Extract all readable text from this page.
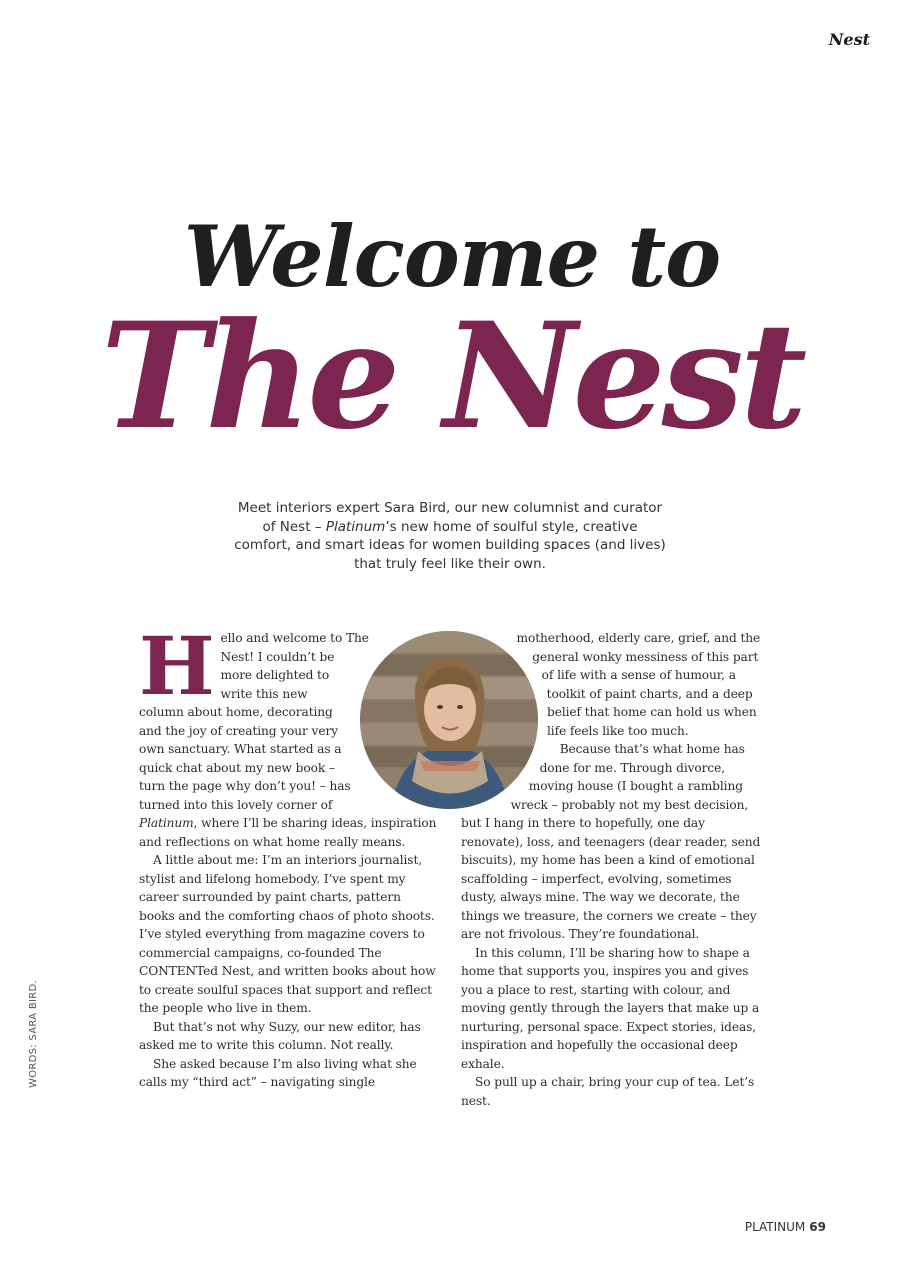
Nest
Welcome to
The Nest
Meet interiors expert Sara Bird, our new columnist and curator of Nest – Platinum’s new home of soulful style, creative comfort, and smart ideas for women building spaces (and lives) that truly feel like their own.

Hello and welcome to The Nest! I couldn’t be more delighted to write this new column about home, decorating and the joy of creating your very own sanctuary. What started as a quick chat about my new book – turn the page why don’t you! – has turned into this lovely corner of Platinum, where I’ll be sharing ideas, inspiration and reflections on what home really means.

A little about me: I’m an interiors journalist, stylist and lifelong homebody. I’ve spent my career surrounded by paint charts, pattern books and the comforting chaos of photo shoots. I’ve styled everything from magazine covers to commercial campaigns, co-founded The CONTENTed Nest, and written books about how to create soulful spaces that support and reflect the people who live in them.

But that’s not why Suzy, our new editor, has asked me to write this column. Not really.

She asked because I’m also living what she calls my “third act” – navigating single

motherhood, elderly care, grief, and the general wonky messiness of this part of life with a sense of humour, a toolkit of paint charts, and a deep belief that home can hold us when life feels like too much.

Because that’s what home has done for me. Through divorce, moving house (I bought a rambling wreck – probably not my best decision, but I hang in there to hopefully, one day renovate), loss, and teenagers (dear reader, send biscuits), my home has been a kind of emotional scaffolding – imperfect, evolving, sometimes dusty, always mine. The way we decorate, the things we treasure, the corners we create – they are not frivolous. They’re foundational.

In this column, I’ll be sharing how to shape a home that supports you, inspires you and gives you a place to rest, starting with colour, and moving gently through the layers that make up a nurturing, personal space. Expect stories, ideas, inspiration and hopefully the occasional deep exhale.

So pull up a chair, bring your cup of tea. Let’s nest.

WORDS: SARA BIRD.
PLATINUM 69
